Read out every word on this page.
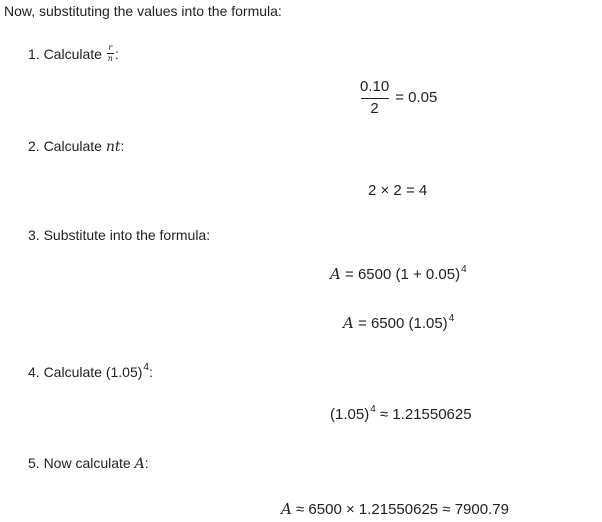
Now, substituting the values into the formula:
1. Calculate $\frac{r}{n}$ :
$\frac{0.10}{2} = 0.05$
2. Calculate nt:
2 × 2 = 4
3. Substitute into the formula:
A = 6500 $(1 + 0.05)^4$
A = 6500 $(1.05)^4$
4. Calculate $(1.05)^4$:
$(1.05)^4 \approx 1.21550625$
5. Now calculate A:
A ≈ 6500 × 1.21550625 ≈ 7900.79
